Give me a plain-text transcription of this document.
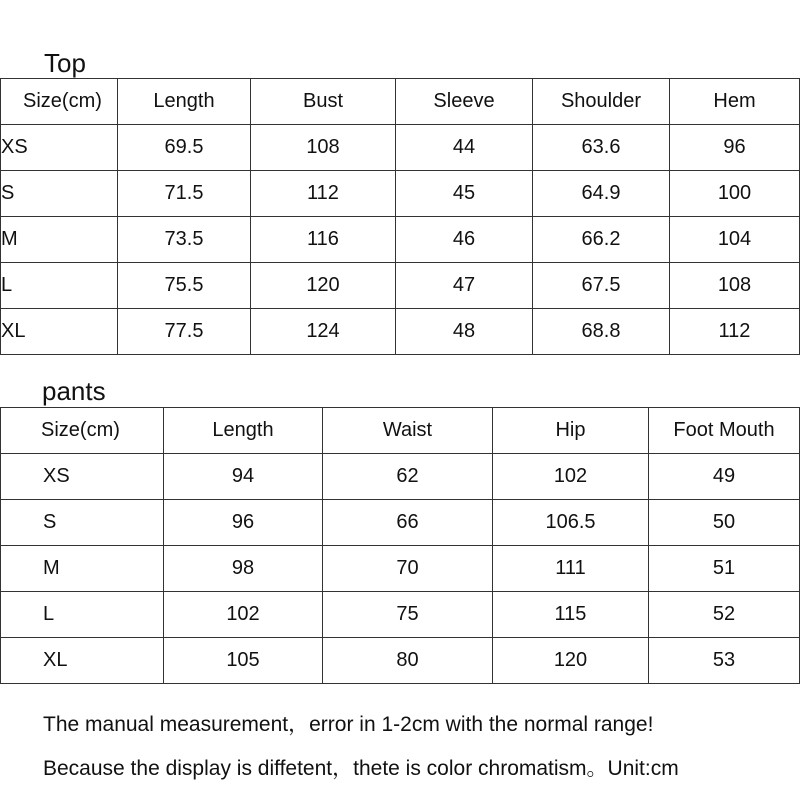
Top
Size(cm)	Length	Bust	Sleeve	Shoulder	Hem
XS	69.5	108	44	63.6	96
S	71.5	112	45	64.9	100
M	73.5	116	46	66.2	104
L	75.5	120	47	67.5	108
XL	77.5	124	48	68.8	112
pants
Size(cm)	Length	Waist	Hip	Foot Mouth
XS	94	62	102	49
S	96	66	106.5	50
M	98	70	111	51
L	102	75	115	52
XL	105	80	120	53
The manual measurement，error in 1-2cm with the normal range!
Because the display is diffetent，thete is color chromatism。Unit:cm
